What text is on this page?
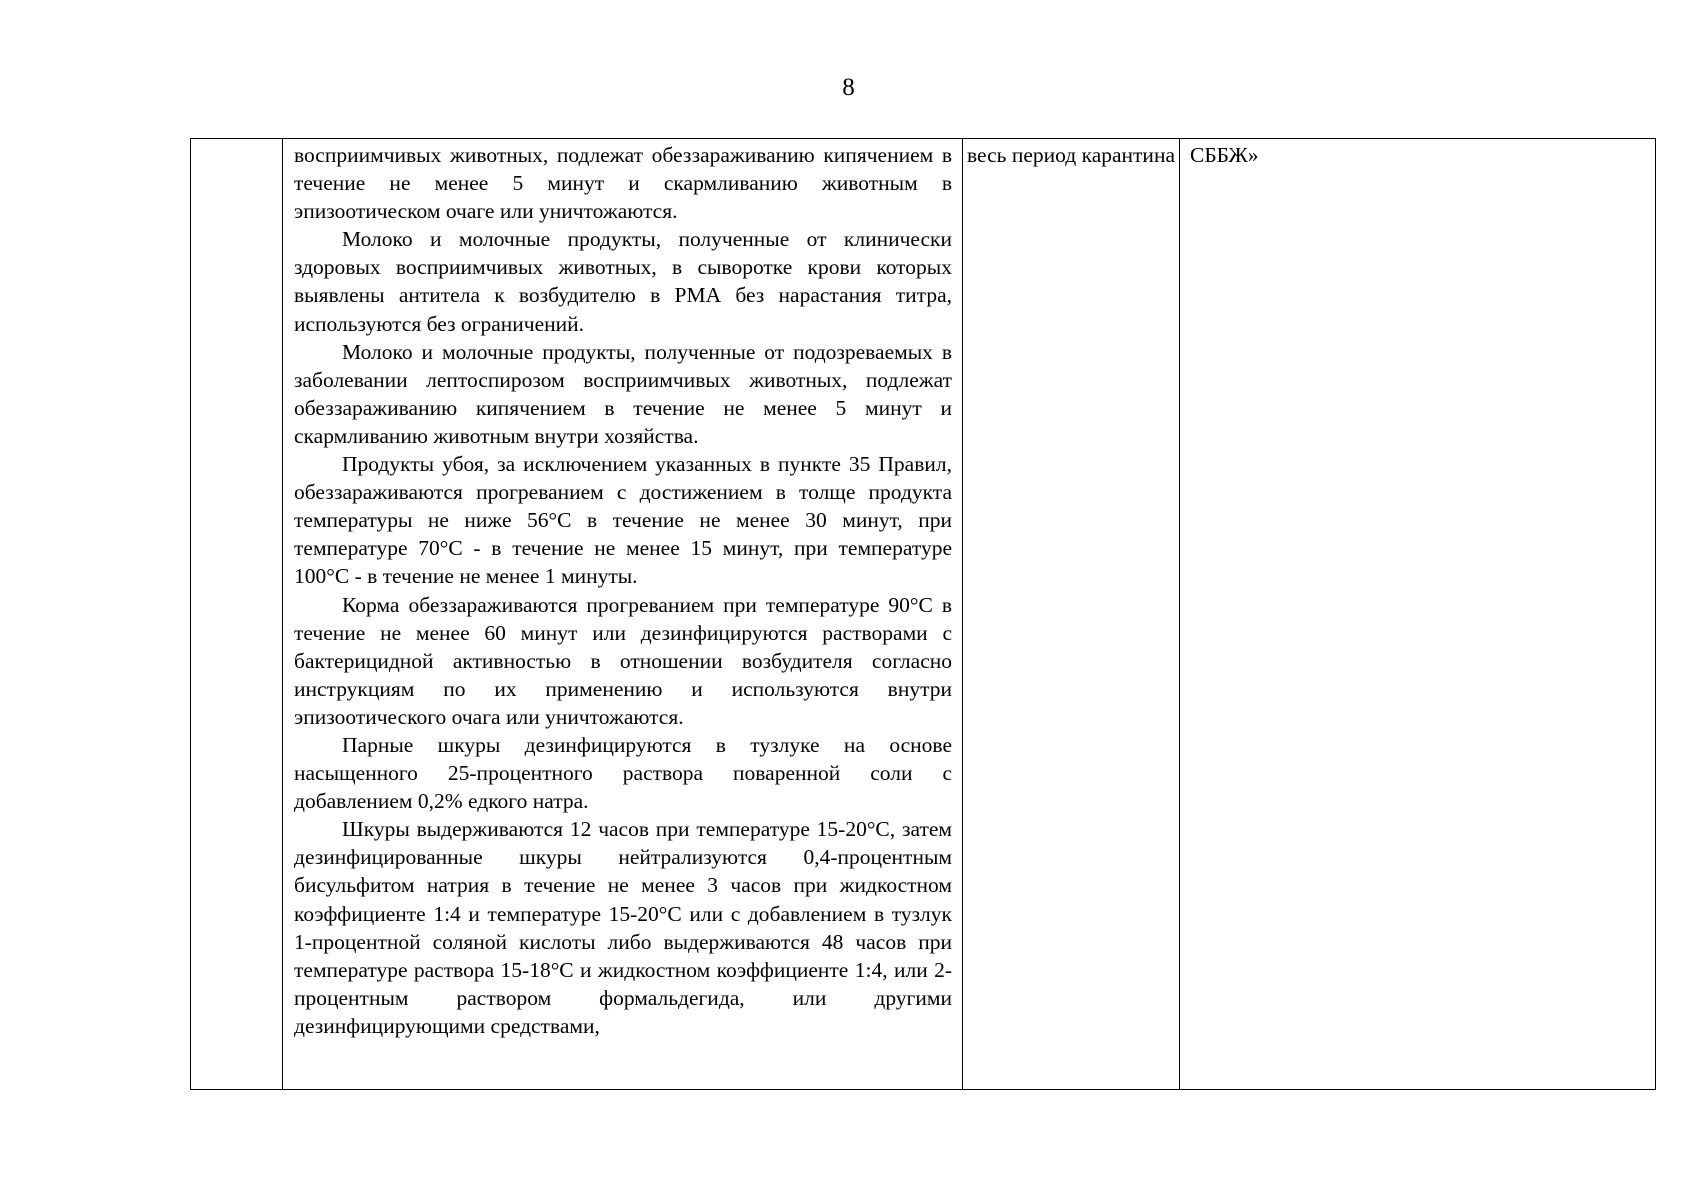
8

восприимчивых животных, подлежат обеззараживанию кипячением в течение не менее 5 минут и скармливанию животным в эпизоотическом очаге или уничтожаются.

Молоко и молочные продукты, полученные от клинически здоровых восприимчивых животных, в сыворотке крови которых выявлены антитела к возбудителю в РМА без нарастания титра, используются без ограничений.

Молоко и молочные продукты, полученные от подозреваемых в заболевании лептоспирозом восприимчивых животных, подлежат обеззараживанию кипячением в течение не менее 5 минут и скармливанию животным внутри хозяйства.

Продукты убоя, за исключением указанных в пункте 35 Правил, обеззараживаются прогреванием с достижением в толще продукта температуры не ниже 56°С в течение не менее 30 минут, при температуре 70°С - в течение не менее 15 минут, при температуре 100°С - в течение не менее 1 минуты.

Корма обеззараживаются прогреванием при температуре 90°С в течение не менее 60 минут или дезинфицируются растворами с бактерицидной активностью в отношении возбудителя согласно инструкциям по их применению и используются внутри эпизоотического очага или уничтожаются.

Парные шкуры дезинфицируются в тузлуке на основе насыщенного 25-процентного раствора поваренной соли с добавлением 0,2% едкого натра.

Шкуры выдерживаются 12 часов при температуре 15-20°С, затем дезинфицированные шкуры нейтрализуются 0,4-процентным бисульфитом натрия в течение не менее 3 часов при жидкостном коэффициенте 1:4 и температуре 15-20°С или с добавлением в тузлук 1-процентной соляной кислоты либо выдерживаются 48 часов при температуре раствора 15-18°С и жидкостном коэффициенте 1:4, или 2-процентным раствором формальдегида, или другими дезинфицирующими средствами,

весь период карантина	СББЖ»
